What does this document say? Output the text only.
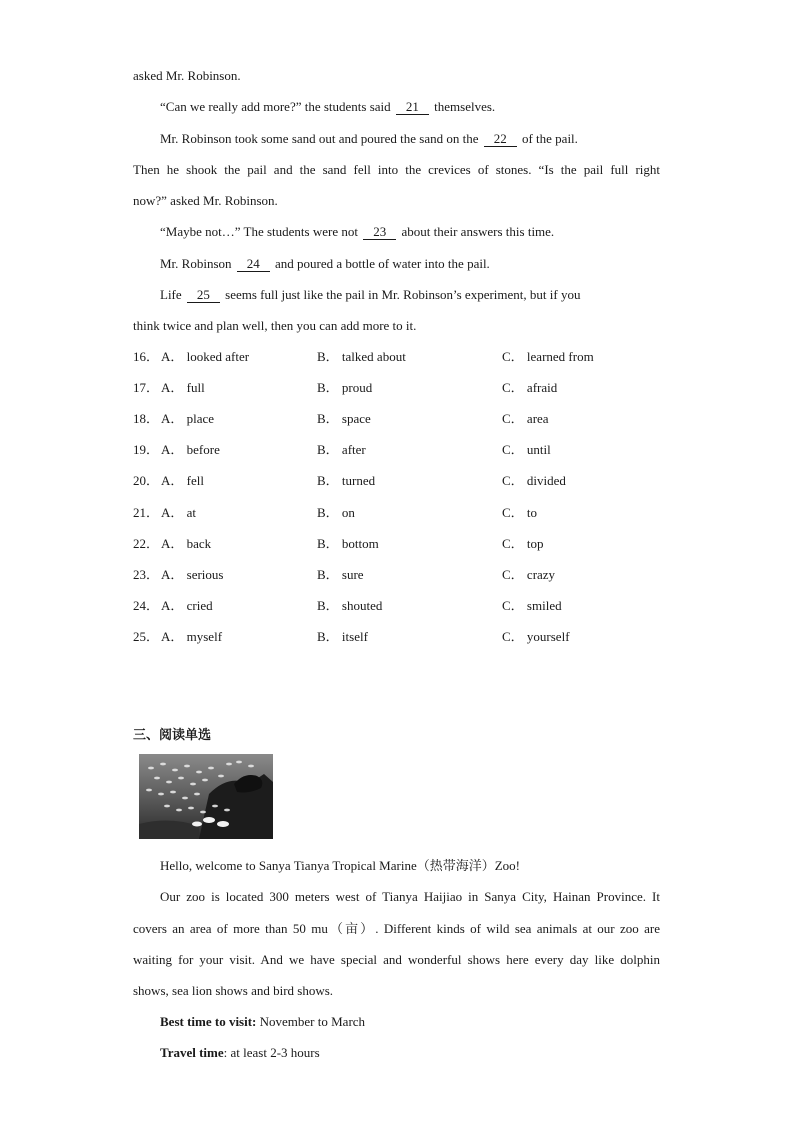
asked Mr. Robinson.
“Can we really add more?” the students said 21 themselves.
Mr. Robinson took some sand out and poured the sand on the 22 of the pail.
Then he shook the pail and the sand fell into the crevices of stones. “Is the pail full right
now?” asked Mr. Robinson.
“Maybe not…” The students were not 23 about their answers this time.
Mr. Robinson 24 and poured a bottle of water into the pail.
Life 25 seems full just like the pail in Mr. Robinson’s experiment, but if you
think twice and plan well, then you can add more to it.
16． A． looked after	B． talked about	C． learned from
17． A． full	B． proud	C． afraid
18． A． place	B． space	C． area
19． A． before	B． after	C． until
20． A． fell	B． turned	C． divided
21． A． at	B． on	C． to
22． A． back	B． bottom	C． top
23． A． serious	B． sure	C． crazy
24． A． cried	B． shouted	C． smiled
25． A． myself	B． itself	C． yourself
三、阅读单选
Hello, welcome to Sanya Tianya Tropical Marine（热带海洋）Zoo!
Our zoo is located 300 meters west of Tianya Haijiao in Sanya City, Hainan Province. It
covers an area of more than 50 mu（亩）. Different kinds of wild sea animals at our zoo are
waiting for your visit. And we have special and wonderful shows here every day like dolphin
shows, sea lion shows and bird shows.
Best time to visit: November to March
Travel time: at least 2-3 hours
